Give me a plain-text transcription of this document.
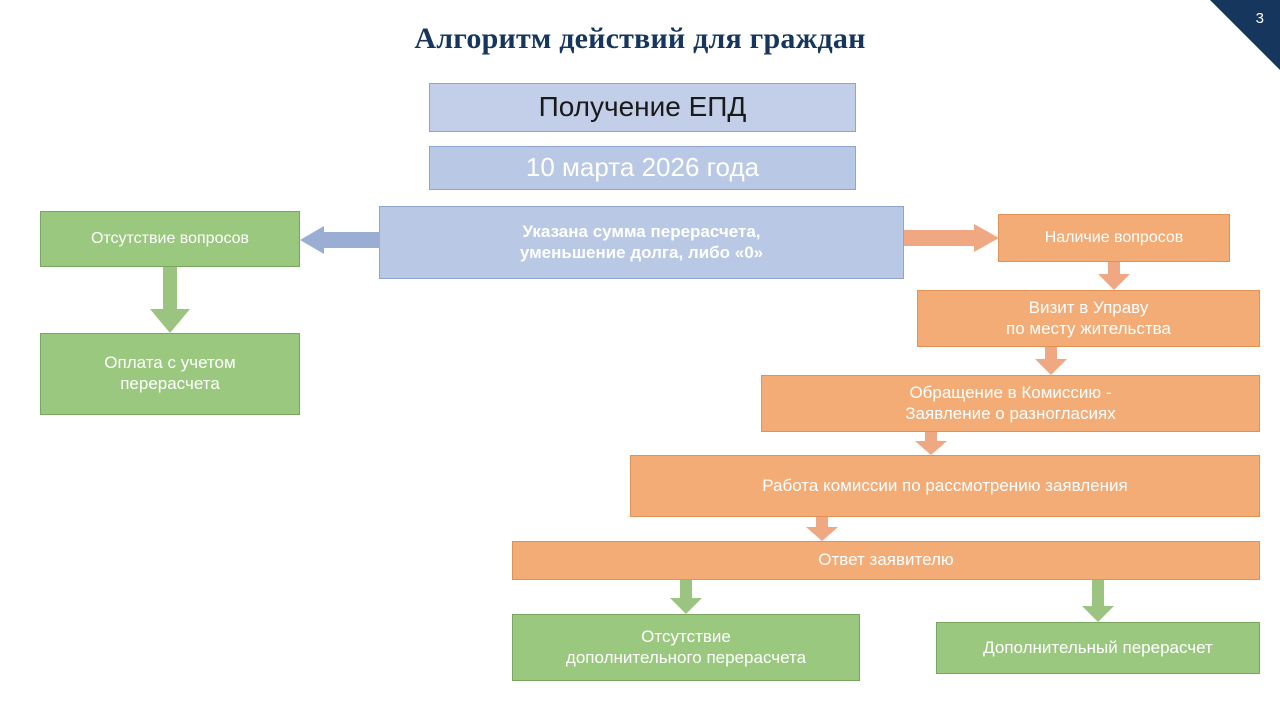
3
Алгоритм действий для граждан
Получение ЕПД
10 марта 2026 года
Указана сумма перерасчета,
уменьшение долга, либо «0»
Отсутствие вопросов
Оплата с учетом
перерасчета
Наличие вопросов
Визит в Управу
по месту жительства
Обращение в Комиссию -
Заявление о разногласиях
Работа комиссии по рассмотрению заявления
Ответ заявителю
Отсутствие
дополнительного перерасчета
Дополнительный перерасчет
